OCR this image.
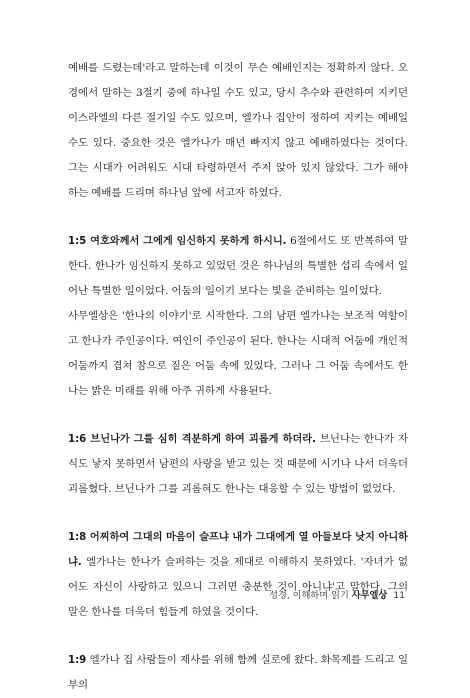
예배를 드렸는데'라고 말하는데 이것이 무슨 예배인지는 정확하지 않다. 오경에서 말하는 3절기 중에 하나일 수도 있고, 당시 추수와 관련하여 지키던 이스라엘의 다른 절기일 수도 있으며, 엘가나 집안이 정하여 지키는 예배일 수도 있다. 중요한 것은 엘가나가 매년 빠지지 않고 예배하였다는 것이다. 그는 시대가 어려워도 시대 타령하면서 주저 앉아 있지 않았다. 그가 해야 하는 예배를 드리며 하나님 앞에 서고자 하였다.

1:5 여호와께서 그에게 임신하지 못하게 하시니. 6절에서도 또 반복하여 말한다. 한나가 임신하지 못하고 있었던 것은 하나님의 특별한 섭리 속에서 일어난 특별한 일이었다. 어둠의 일이기 보다는 빛을 준비하는 일이었다.

사무엘상은 '한나의 이야기'로 시작한다. 그의 남편 엘가나는 보조적 역할이고 한나가 주인공이다. 여인이 주인공이 된다. 한나는 시대적 어둠에 개인적 어둠까지 겹쳐 참으로 짙은 어둠 속에 있었다. 그러나 그 어둠 속에서도 한나는 밝은 미래를 위해 아주 귀하게 사용된다.

1:6 브닌나가 그를 심히 격분하게 하여 괴롭게 하더라. 브닌나는 한나가 자식도 낳지 못하면서 남편의 사랑을 받고 있는 것 때문에 시기나 나서 더욱더 괴롭혔다. 브닌나가 그를 괴롭혀도 한나는 대응할 수 있는 방법이 없었다.

1:8 어찌하여 그대의 마음이 슬프냐 내가 그대에게 열 아들보다 낫지 아니하냐. 엘가나는 한나가 슬퍼하는 것을 제대로 이해하지 못하였다. '자녀가 없어도 자신이 사랑하고 있으니 그러면 충분한 것이 아니냐'고 말한다. 그의 말은 한나를 더욱더 힘들게 하였을 것이다.

1:9 엘가나 집 사람들이 제사를 위해 함께 실로에 왔다. 화목제를 드리고 일부의

성경, 이해하며 읽기 사무엘상 11
